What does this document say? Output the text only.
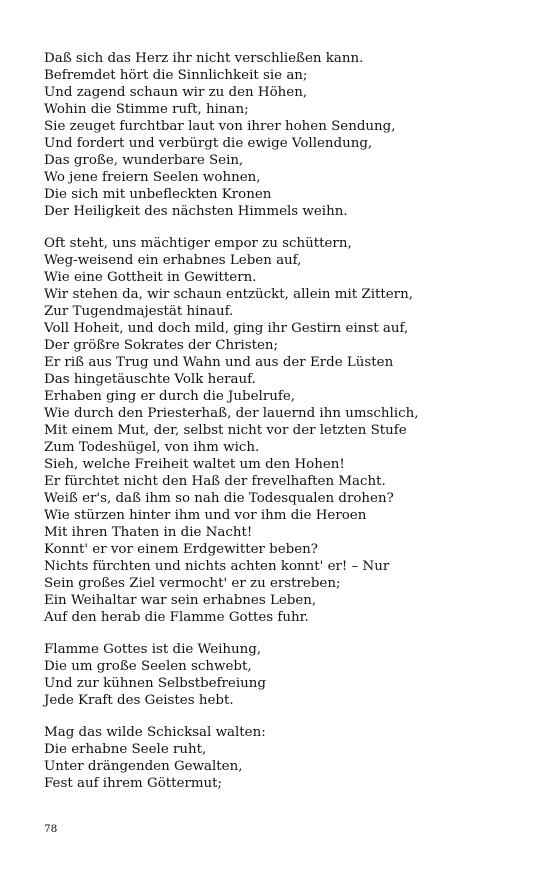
Daß sich das Herz ihr nicht verschließen kann.
Befremdet hört die Sinnlichkeit sie an;
Und zagend schaun wir zu den Höhen,
Wohin die Stimme ruft, hinan;
Sie zeuget furchtbar laut von ihrer hohen Sendung,
Und fordert und verbürgt die ewige Vollendung,
Das große, wunderbare Sein,
Wo jene freiern Seelen wohnen,
Die sich mit unbefleckten Kronen
Der Heiligkeit des nächsten Himmels weihn.
Oft steht, uns mächtiger empor zu schüttern,
Weg-weisend ein erhabnes Leben auf,
Wie eine Gottheit in Gewittern.
Wir stehen da, wir schaun entzückt, allein mit Zittern,
Zur Tugendmajestät hinauf.
Voll Hoheit, und doch mild, ging ihr Gestirn einst auf,
Der größre Sokrates der Christen;
Er riß aus Trug und Wahn und aus der Erde Lüsten
Das hingetäuschte Volk herauf.
Erhaben ging er durch die Jubelrufe,
Wie durch den Priesterhaß, der lauernd ihn umschlich,
Mit einem Mut, der, selbst nicht vor der letzten Stufe
Zum Todeshügel, von ihm wich.
Sieh, welche Freiheit waltet um den Hohen!
Er fürchtet nicht den Haß der frevelhaften Macht.
Weiß er's, daß ihm so nah die Todesqualen drohen?
Wie stürzen hinter ihm und vor ihm die Heroen
Mit ihren Thaten in die Nacht!
Konnt' er vor einem Erdgewitter beben?
Nichts fürchten und nichts achten konnt' er! – Nur
Sein großes Ziel vermocht' er zu erstreben;
Ein Weihaltar war sein erhabnes Leben,
Auf den herab die Flamme Gottes fuhr.
Flamme Gottes ist die Weihung,
Die um große Seelen schwebt,
Und zur kühnen Selbstbefreiung
Jede Kraft des Geistes hebt.
Mag das wilde Schicksal walten:
Die erhabne Seele ruht,
Unter drängenden Gewalten,
Fest auf ihrem Göttermut;
78
